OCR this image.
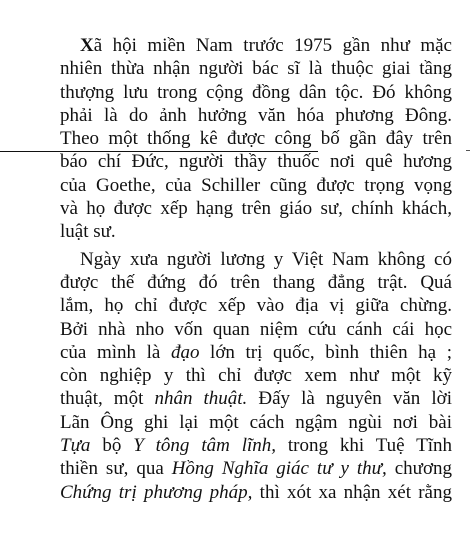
Xã hội miền Nam trước 1975 gần như mặc
nhiên thừa nhận người bác sĩ là thuộc giai tầng
thượng lưu trong cộng đồng dân tộc. Đó không
phải là do ảnh hưởng văn hóa phương Đông.
Theo một thống kê được công bố gần đây trên
báo chí Đức, người thầy thuốc nơi quê hương
của Goethe, của Schiller cũng được trọng vọng
và họ được xếp hạng trên giáo sư, chính khách,
luật sư.
Ngày xưa người lương y Việt Nam không có
được thế đứng đó trên thang đẳng trật. Quá
lắm, họ chỉ được xếp vào địa vị giữa chừng.
Bởi nhà nho vốn quan niệm cứu cánh cái học
của mình là đạo lớn trị quốc, bình thiên hạ ;
còn nghiệp y thì chỉ được xem như một kỹ
thuật, một nhân thuật. Đấy là nguyên văn lời
Lãn Ông ghi lại một cách ngậm ngùi nơi bài
Tựa bộ Y tông tâm lĩnh, trong khi Tuệ Tĩnh
thiền sư, qua Hồng Nghĩa giác tư y thư, chương
Chứng trị phương pháp, thì xót xa nhận xét rằng
